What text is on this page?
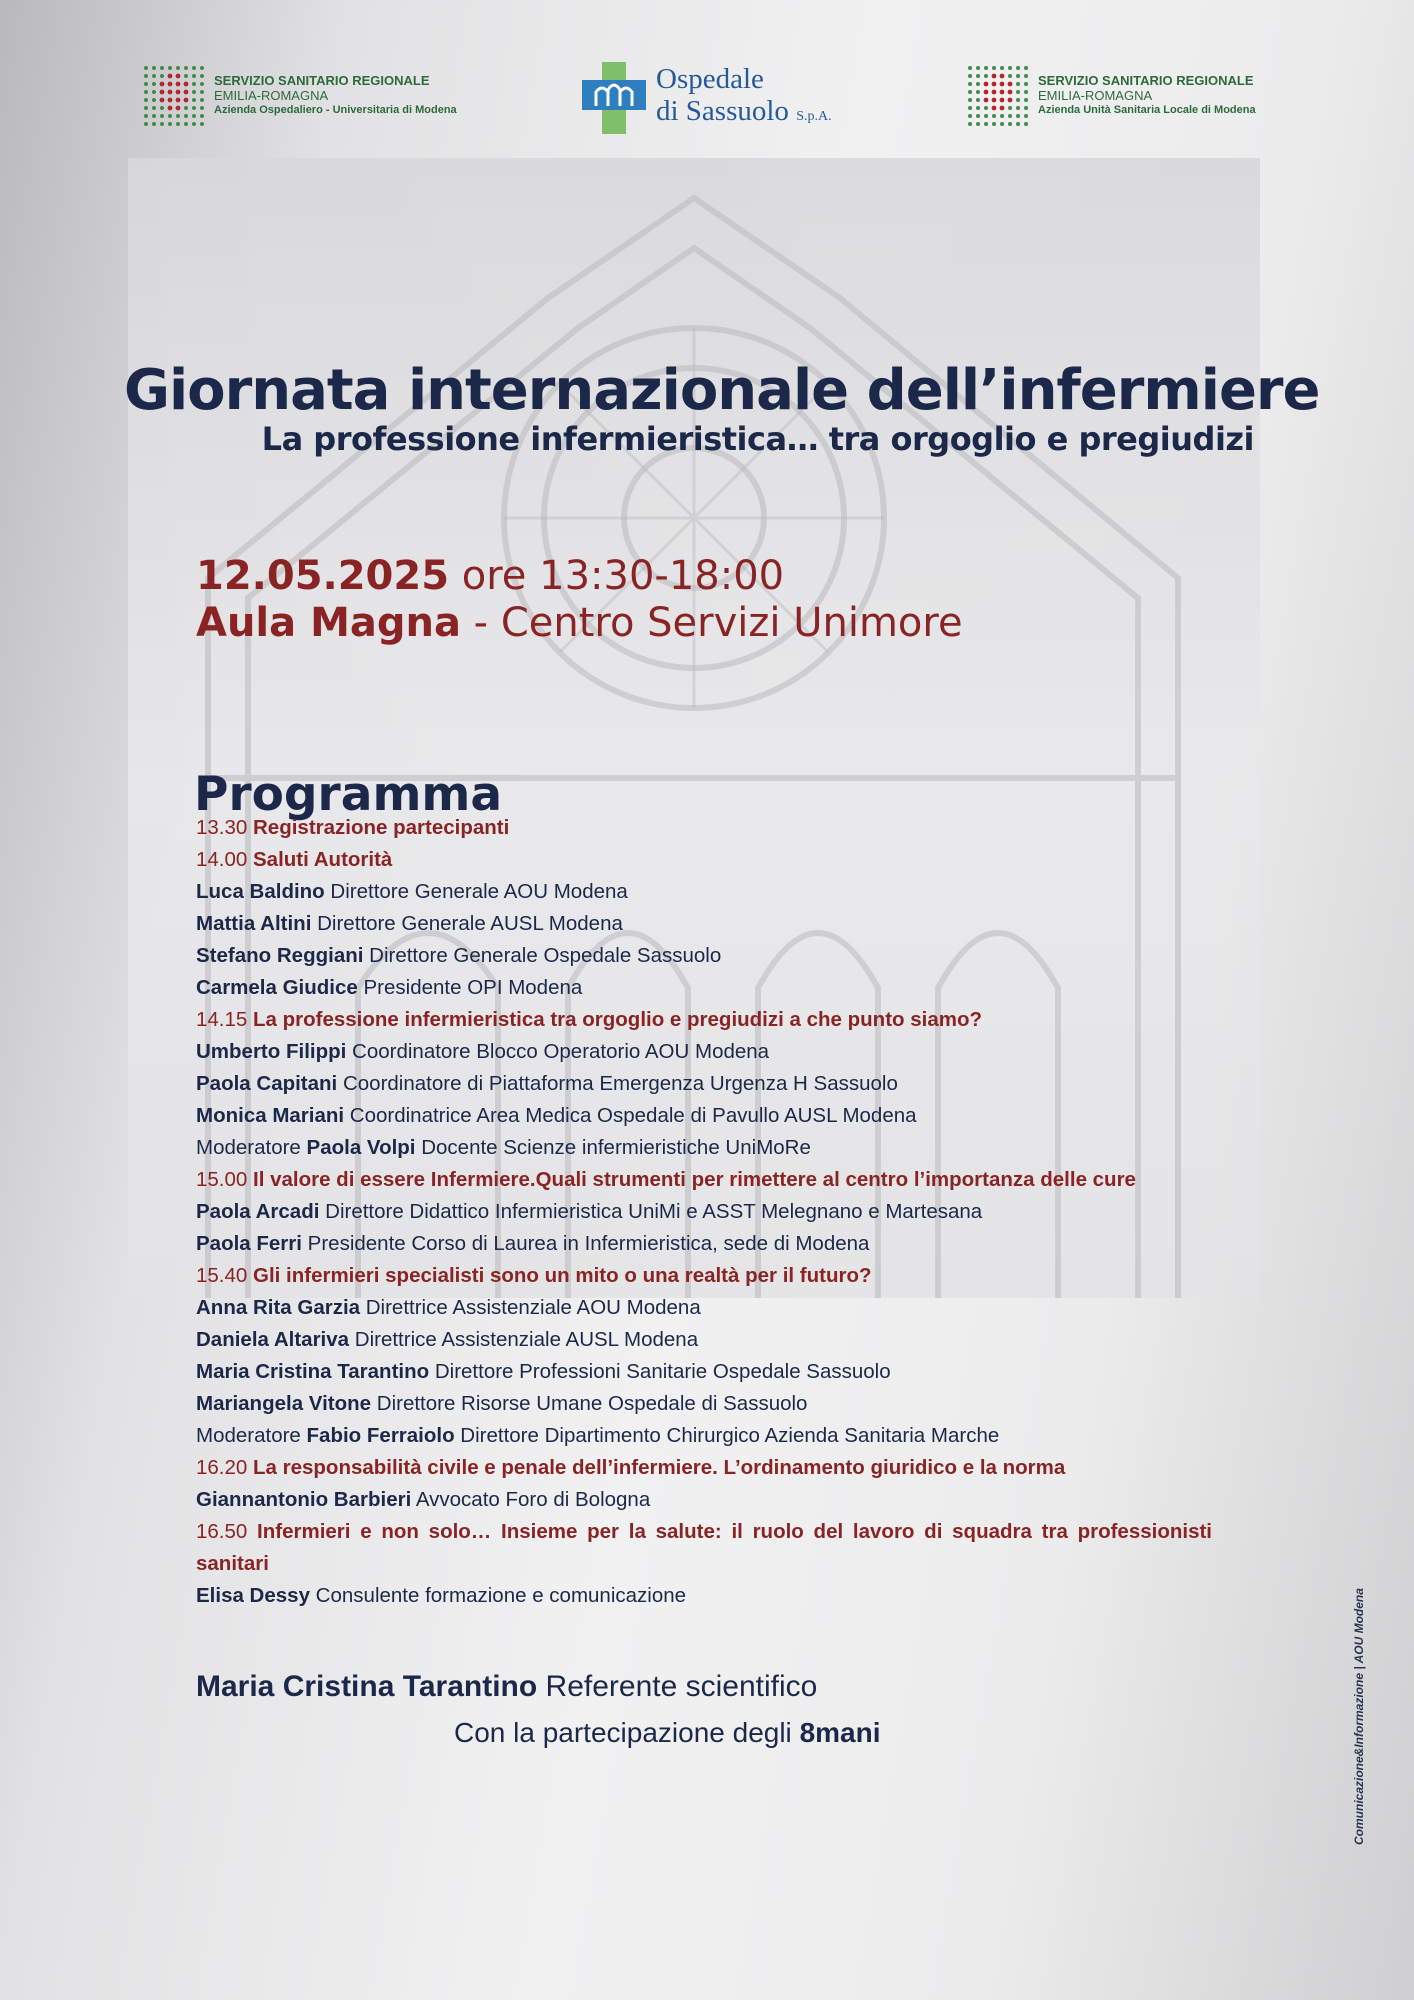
SERVIZIO SANITARIO REGIONALE
EMILIA-ROMAGNA
Azienda Ospedaliero - Universitaria di Modena
Ospedale
di Sassuolo S.p.A.
SERVIZIO SANITARIO REGIONALE
EMILIA-ROMAGNA
Azienda Unità Sanitaria Locale di Modena
Giornata internazionale dell’infermiere
La professione infermieristica… tra orgoglio e pregiudizi
12.05.2025 ore 13:30-18:00
Aula Magna - Centro Servizi Unimore
Programma
13.30 Registrazione partecipanti
14.00 Saluti Autorità
Luca Baldino Direttore Generale AOU Modena
Mattia Altini Direttore Generale AUSL Modena
Stefano Reggiani Direttore Generale Ospedale Sassuolo
Carmela Giudice Presidente OPI Modena
14.15 La professione infermieristica tra orgoglio e pregiudizi a che punto siamo?
Umberto Filippi Coordinatore Blocco Operatorio AOU Modena
Paola Capitani Coordinatore di Piattaforma Emergenza Urgenza H Sassuolo
Monica Mariani Coordinatrice Area Medica Ospedale di Pavullo AUSL Modena
Moderatore Paola Volpi Docente Scienze infermieristiche UniMoRe
15.00 Il valore di essere Infermiere.Quali strumenti per rimettere al centro l’importanza delle cure
Paola Arcadi Direttore Didattico Infermieristica UniMi e ASST Melegnano e Martesana
Paola Ferri Presidente Corso di Laurea in Infermieristica, sede di Modena
15.40 Gli infermieri specialisti sono un mito o una realtà per il futuro?
Anna Rita Garzia Direttrice Assistenziale AOU Modena
Daniela Altariva Direttrice Assistenziale AUSL Modena
Maria Cristina Tarantino Direttore Professioni Sanitarie Ospedale Sassuolo
Mariangela Vitone Direttore Risorse Umane Ospedale di Sassuolo
Moderatore Fabio Ferraiolo Direttore Dipartimento Chirurgico Azienda Sanitaria Marche
16.20 La responsabilità civile e penale dell’infermiere. L’ordinamento giuridico e la norma
Giannantonio Barbieri Avvocato Foro di Bologna
16.50 Infermieri e non solo… Insieme per la salute: il ruolo del lavoro di squadra tra professionisti sanitari
Elisa Dessy Consulente formazione e comunicazione
Maria Cristina Tarantino Referente scientifico
Con la partecipazione degli 8mani	Comunicazione&Informazione | AOU Modena
